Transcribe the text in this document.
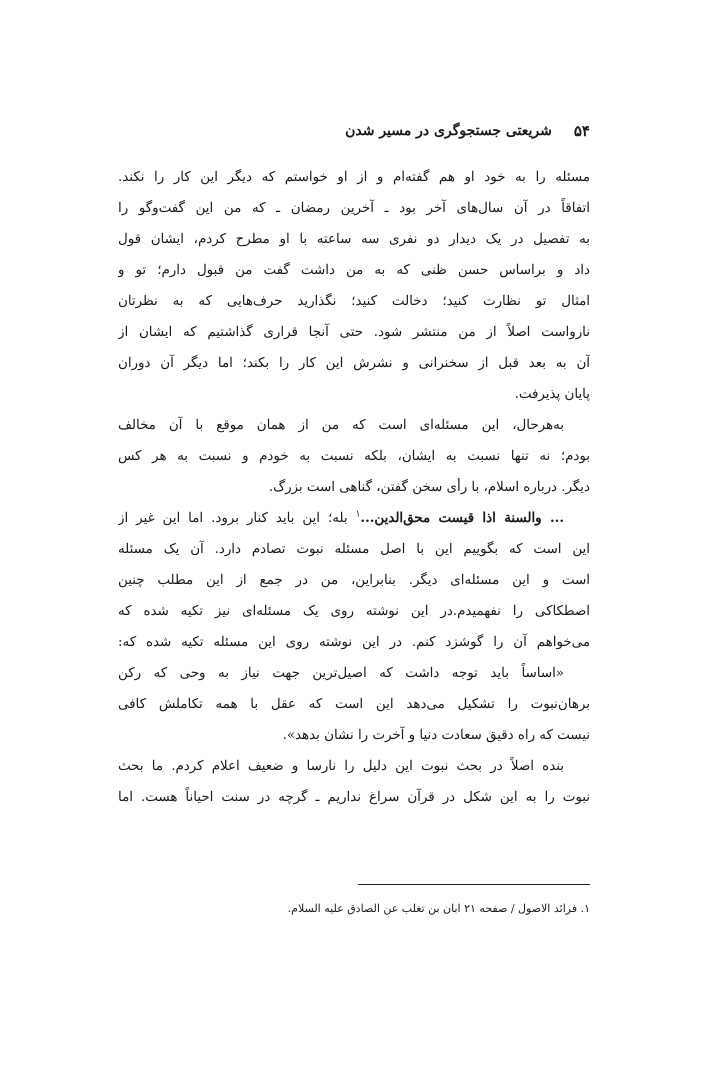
۵۴
شریعتی جستجوگری در مسیر شدن
مسئله را به خود او هم گفته‌ام و از او خواستم که دیگر این کار را نکند.
اتفاقاً در آن سال‌های آخر بود ـ آخرین رمضان ـ که من این گفت‌وگو را
به تفصیل در یک دیدار دو نفری سه ساعته با او مطرح کردم، ایشان قول
داد و براساس حسن ظنی که به من داشت گفت من قبول دارم؛ تو و
امثال تو نظارت کنید؛ دخالت کنید؛ نگذارید حرف‌هایی که به نظرتان
نارواست اصلاً از من منتشر شود. حتی آنجا قراری گذاشتیم که ایشان از
آن به بعد قبل از سخنرانی و نشرش این کار را بکند؛ اما دیگر آن دوران
پایان پذیرفت.
به‌هرحال، این مسئله‌ای است که من از همان موقع با آن مخالف
بودم؛ نه تنها نسبت به ایشان، بلکه نسبت به خودم و نسبت به هر کس
دیگر. درباره اسلام، با رأی سخن گفتن، گناهی است بزرگ.
... والسنة اذا قیست محق‌الدین...$^۱$ بله؛ این باید کنار برود. اما این غیر از
این است که بگوییم این با اصل مسئله نبوت تصادم دارد. آن یک مسئله
است و این مسئله‌ای دیگر. بنابراین، من در جمع از این مطلب چنین
اصطکاکی را نفهمیدم.در این نوشته روی یک مسئله‌ای نیز تکیه شده که
می‌خواهم آن را گوشزد کنم. در این نوشته روی این مسئله تکیه شده که:
«اساساً باید توجه داشت که اصیل‌ترین جهت نیاز به وحی که رکن
برهان‌نبوت را تشکیل می‌دهد این است که عقل با همه تکاملش کافی
نیست که راه دقیق سعادت دنیا و آخرت را نشان بدهد».
بنده اصلاً در بحث نبوت این دلیل را نارسا و ضعیف اعلام کردم. ما بحث
نبوت را به این شکل در قرآن سراغ نداریم ـ گرچه در سنت احیاناً هست. اما
۱. فرائد الاصول / صفحه ۲۱ ابان بن تغلب عن الصادق علیه السلام.
